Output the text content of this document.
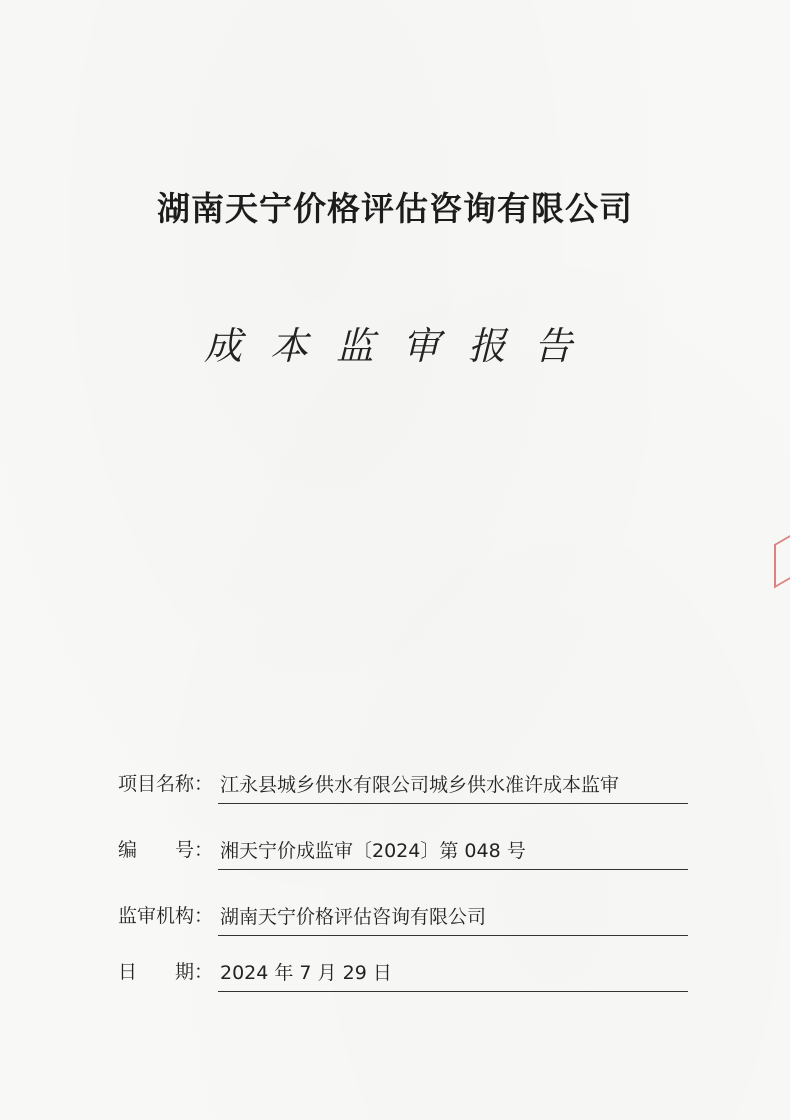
湖南天宁价格评估咨询有限公司
成本监审报告
项目名称： 江永县城乡供水有限公司城乡供水准许成本监审
编　　号： 湘天宁价成监审〔2024〕第 048 号
监审机构： 湖南天宁价格评估咨询有限公司
日　　期： 2024 年 7 月 29 日
